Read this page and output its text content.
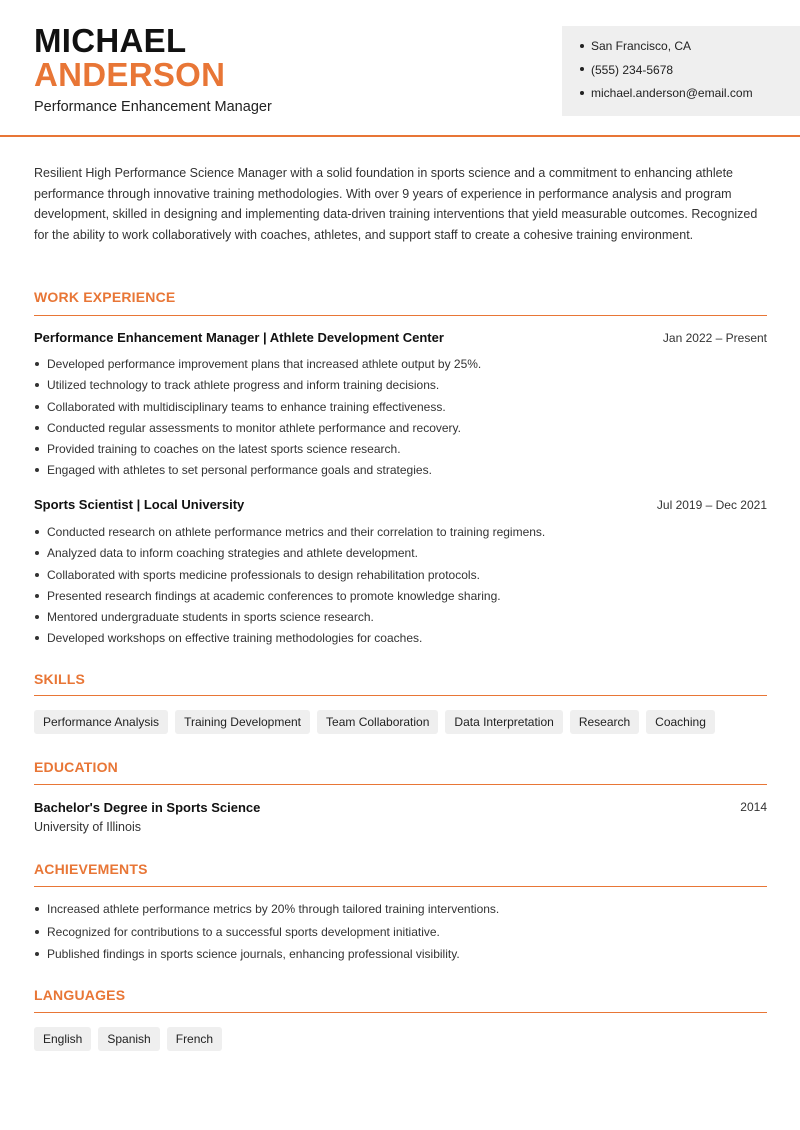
MICHAEL
ANDERSON
Performance Enhancement Manager
San Francisco, CA
(555) 234-5678
michael.anderson@email.com

Resilient High Performance Science Manager with a solid foundation in sports science and a commitment to enhancing athlete performance through innovative training methodologies. With over 9 years of experience in performance analysis and program development, skilled in designing and implementing data-driven training interventions that yield measurable outcomes. Recognized for the ability to work collaboratively with coaches, athletes, and support staff to create a cohesive training environment.

WORK EXPERIENCE
Performance Enhancement Manager | Athlete Development Center	Jan 2022 – Present
Developed performance improvement plans that increased athlete output by 25%.
Utilized technology to track athlete progress and inform training decisions.
Collaborated with multidisciplinary teams to enhance training effectiveness.
Conducted regular assessments to monitor athlete performance and recovery.
Provided training to coaches on the latest sports science research.
Engaged with athletes to set personal performance goals and strategies.
Sports Scientist | Local University	Jul 2019 – Dec 2021
Conducted research on athlete performance metrics and their correlation to training regimens.
Analyzed data to inform coaching strategies and athlete development.
Collaborated with sports medicine professionals to design rehabilitation protocols.
Presented research findings at academic conferences to promote knowledge sharing.
Mentored undergraduate students in sports science research.
Developed workshops on effective training methodologies for coaches.
SKILLS
Performance Analysis	Training Development	Team Collaboration	Data Interpretation	Research	Coaching
EDUCATION
Bachelor's Degree in Sports Science	2014
University of Illinois
ACHIEVEMENTS
Increased athlete performance metrics by 20% through tailored training interventions.
Recognized for contributions to a successful sports development initiative.
Published findings in sports science journals, enhancing professional visibility.
LANGUAGES
English	Spanish	French
